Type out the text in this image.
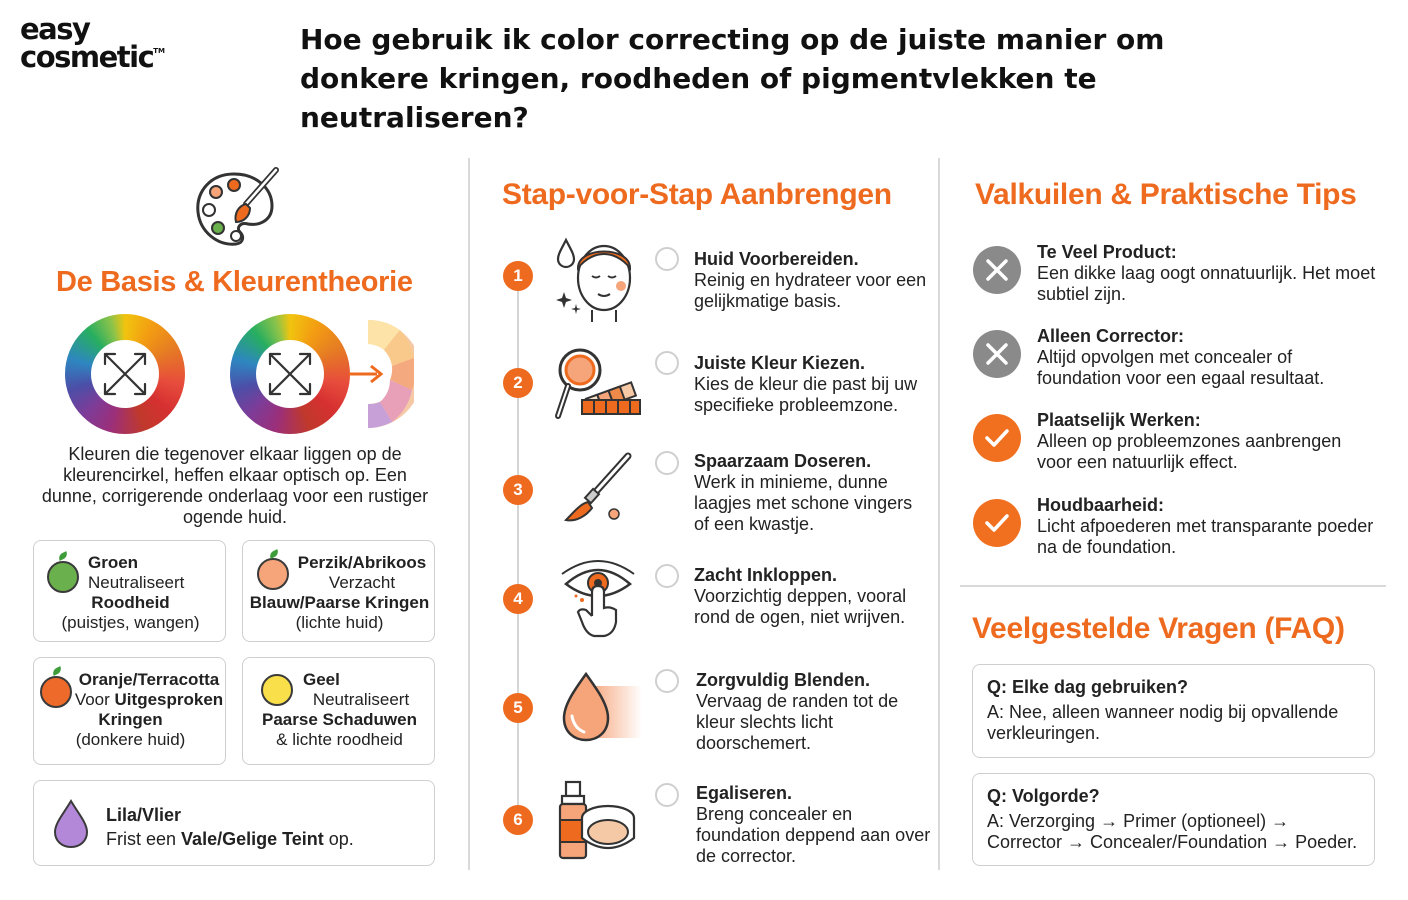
easy
cosmetic™	Hoe gebruik ik color correcting op de juiste manier om donkere kringen, roodheden of pigmentvlekken te neutraliseren?
De Basis & Kleurentheorie

Kleuren die tegenover elkaar liggen op de kleurencirkel, heffen elkaar optisch op. Een dunne, corrigerende onderlaag voor een rustiger ogende huid.

Groen
Neutraliseert
Roodheid
(puistjes, wangen)
Perzik/Abrikoos
Verzacht
Blauw/Paarse Kringen
(lichte huid)
Oranje/Terracotta
Voor Uitgesproken
Kringen
(donkere huid)
Geel
Neutraliseert
Paarse Schaduwen
& lichte roodheid
Lila/Vlier
Frist een Vale/Gelige Teint op.
Stap-voor-Stap Aanbrengen
1
Huid Voorbereiden.
Reinig en hydrateer voor een gelijkmatige basis.
2
Juiste Kleur Kiezen.
Kies de kleur die past bij uw specifieke probleemzone.
3
Spaarzaam Doseren.
Werk in minieme, dunne laagjes met schone vingers of een kwastje.
4
Zacht Inkloppen.
Voorzichtig deppen, vooral rond de ogen, niet wrijven.
5
Zorgvuldig Blenden.
Vervaag de randen tot de kleur slechts licht doorschemert.
6
Egaliseren.
Breng concealer en foundation deppend aan over de corrector.
Valkuilen & Praktische Tips
Te Veel Product:
Een dikke laag oogt onnatuurlijk. Het moet subtiel zijn.
Alleen Corrector:
Altijd opvolgen met concealer of foundation voor een egaal resultaat.
Plaatselijk Werken:
Alleen op probleemzones aanbrengen voor een natuurlijk effect.
Houdbaarheid:
Licht afpoederen met transparante poeder na de foundation.
Veelgestelde Vragen (FAQ)
Q: Elke dag gebruiken?
A: Nee, alleen wanneer nodig bij opvallende verkleuringen.
Q: Volgorde?
A: Verzorging → Primer (optioneel) → Corrector → Concealer/Foundation → Poeder.
